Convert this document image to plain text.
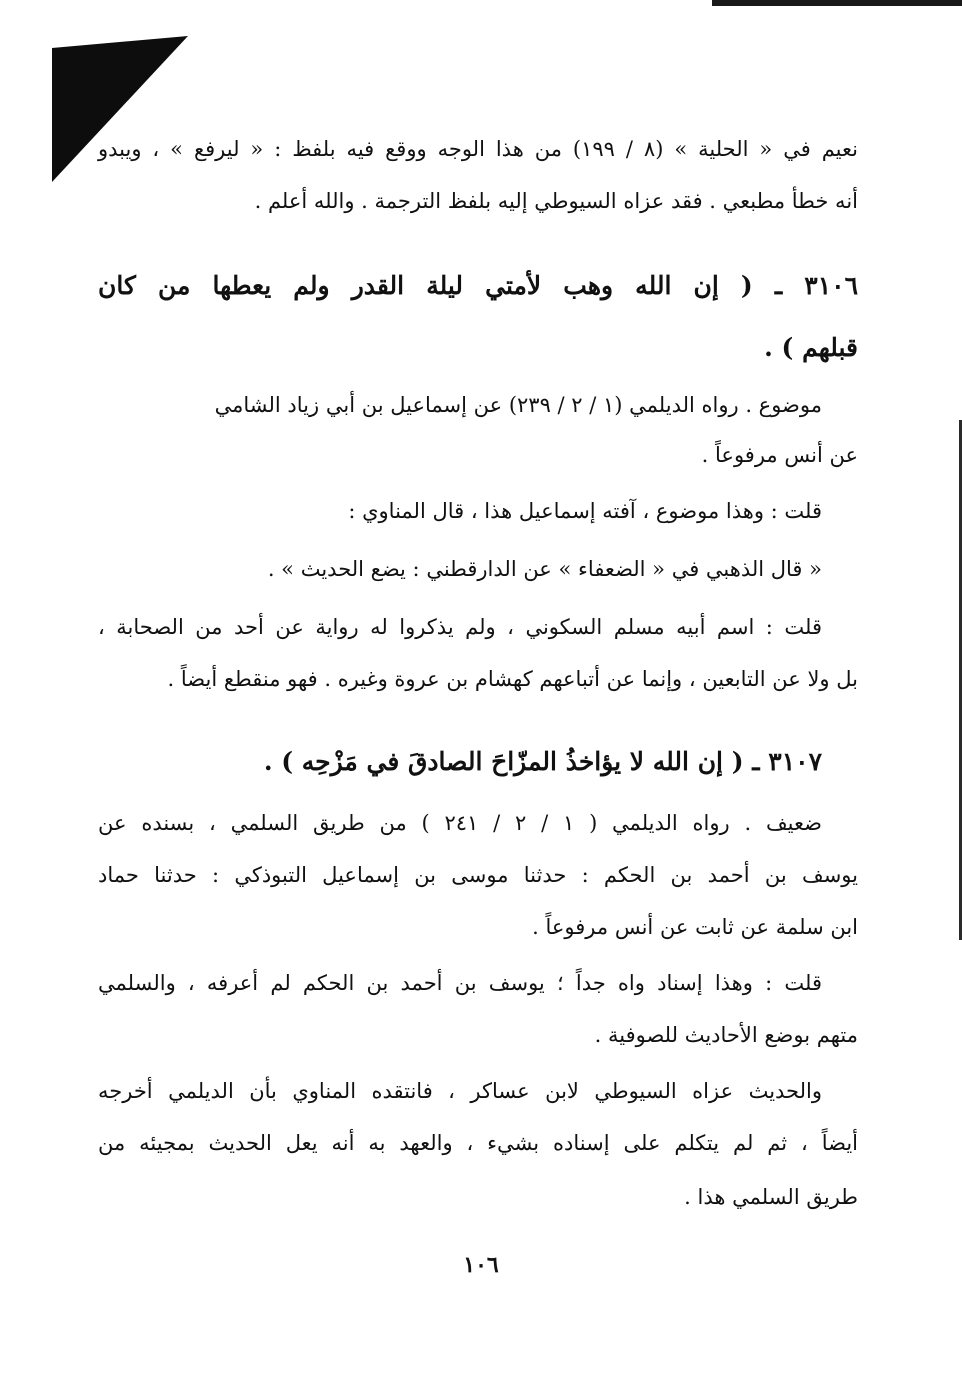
نعيم في « الحلية » (٨ / ١٩٩) من هذا الوجه ووقع فيه بلفظ : « ليرفع » ، ويبدو
أنه خطأ مطبعي . فقد عزاه السيوطي إليه بلفظ الترجمة . والله أعلم .
٣١٠٦ ـ ( إن الله وهب لأمتي ليلة القدر ولم يعطها من كان
قبلهم ) .
موضوع . رواه الديلمي (١ / ٢ / ٢٣٩) عن إسماعيل بن أبي زياد الشامي
عن أنس مرفوعاً .
قلت : وهذا موضوع ، آفته إسماعيل هذا ، قال المناوي :
« قال الذهبي في « الضعفاء » عن الدارقطني : يضع الحديث » .
قلت : اسم أبيه مسلم السكوني ، ولم يذكروا له رواية عن أحد من الصحابة ،
بل ولا عن التابعين ، وإنما عن أتباعهم كهشام بن عروة وغيره . فهو منقطع أيضاً .
٣١٠٧ ـ ( إن الله لا يؤاخذُ المزّاحَ الصادقَ في مَزْحِه ) .
ضعيف . رواه الديلمي ( ١ / ٢ / ٢٤١ ) من طريق السلمي ، بسنده عن
يوسف بن أحمد بن الحكم : حدثنا موسى بن إسماعيل التبوذكي : حدثنا حماد
ابن سلمة عن ثابت عن أنس مرفوعاً .
قلت : وهذا إسناد واه جداً ؛ يوسف بن أحمد بن الحكم لم أعرفه ، والسلمي
متهم بوضع الأحاديث للصوفية .
والحديث عزاه السيوطي لابن عساكر ، فانتقده المناوي بأن الديلمي أخرجه
أيضاً ، ثم لم يتكلم على إسناده بشيء ، والعهد به أنه يعل الحديث بمجيئه من
طريق السلمي هذا .
١٠٦
